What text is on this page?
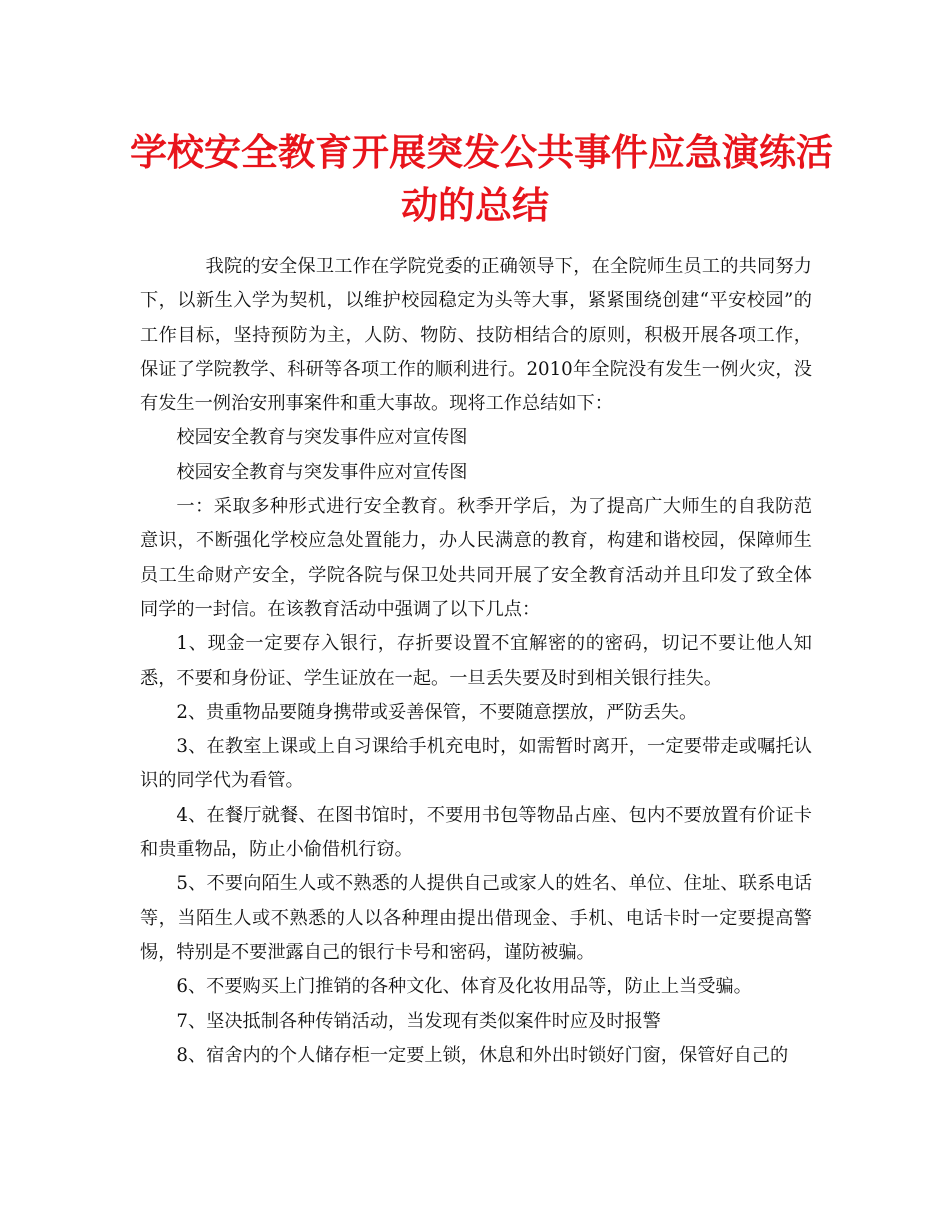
学校安全教育开展突发公共事件应急演练活
动的总结

我院的安全保卫工作在学院党委的正确领导下，在全院师生员工的共同努力下，以新生入学为契机，以维护校园稳定为头等大事，紧紧围绕创建“平安校园”的工作目标，坚持预防为主，人防、物防、技防相结合的原则，积极开展各项工作，保证了学院教学、科研等各项工作的顺利进行。2010年全院没有发生一例火灾，没有发生一例治安刑事案件和重大事故。现将工作总结如下：

校园安全教育与突发事件应对宣传图

校园安全教育与突发事件应对宣传图

一：采取多种形式进行安全教育。秋季开学后，为了提高广大师生的自我防范意识，不断强化学校应急处置能力，办人民满意的教育，构建和谐校园，保障师生员工生命财产安全，学院各院与保卫处共同开展了安全教育活动并且印发了致全体同学的一封信。在该教育活动中强调了以下几点：

1、现金一定要存入银行，存折要设置不宜解密的的密码，切记不要让他人知悉，不要和身份证、学生证放在一起。一旦丢失要及时到相关银行挂失。

2、贵重物品要随身携带或妥善保管，不要随意摆放，严防丢失。

3、在教室上课或上自习课给手机充电时，如需暂时离开，一定要带走或嘱托认识的同学代为看管。

4、在餐厅就餐、在图书馆时，不要用书包等物品占座、包内不要放置有价证卡和贵重物品，防止小偷借机行窃。

5、不要向陌生人或不熟悉的人提供自己或家人的姓名、单位、住址、联系电话等，当陌生人或不熟悉的人以各种理由提出借现金、手机、电话卡时一定要提高警惕，特别是不要泄露自己的银行卡号和密码，谨防被骗。

6、不要购买上门推销的各种文化、体育及化妆用品等，防止上当受骗。

7、坚决抵制各种传销活动，当发现有类似案件时应及时报警

8、宿舍内的个人储存柜一定要上锁，休息和外出时锁好门窗，保管好自己的
